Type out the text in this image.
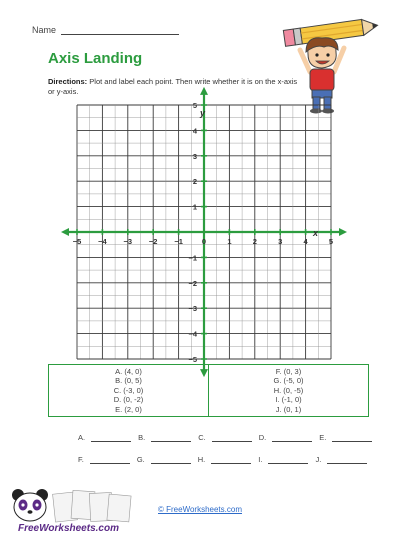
Name
Axis Landing
Directions: Plot and label each point. Then write whether it is on the x-axis or y-axis.
x
y
−5 −4 −3 −2 −1	0	1	2	3	4	5
5
4
3
2
1
−1
−2
−3
−4
−5
A. (4, 0)
B. (0, 5)
C. (-3, 0)
D. (0, -2)
E. (2, 0)
F. (0, 3)
G. (-5, 0)
H. (0, -5)
I. (-1, 0)
J. (0, 1)
A.	B.	C.	D.	E.
F.	G.	H.	I.	J.
FreeWorksheets.com
© FreeWorksheets.com
